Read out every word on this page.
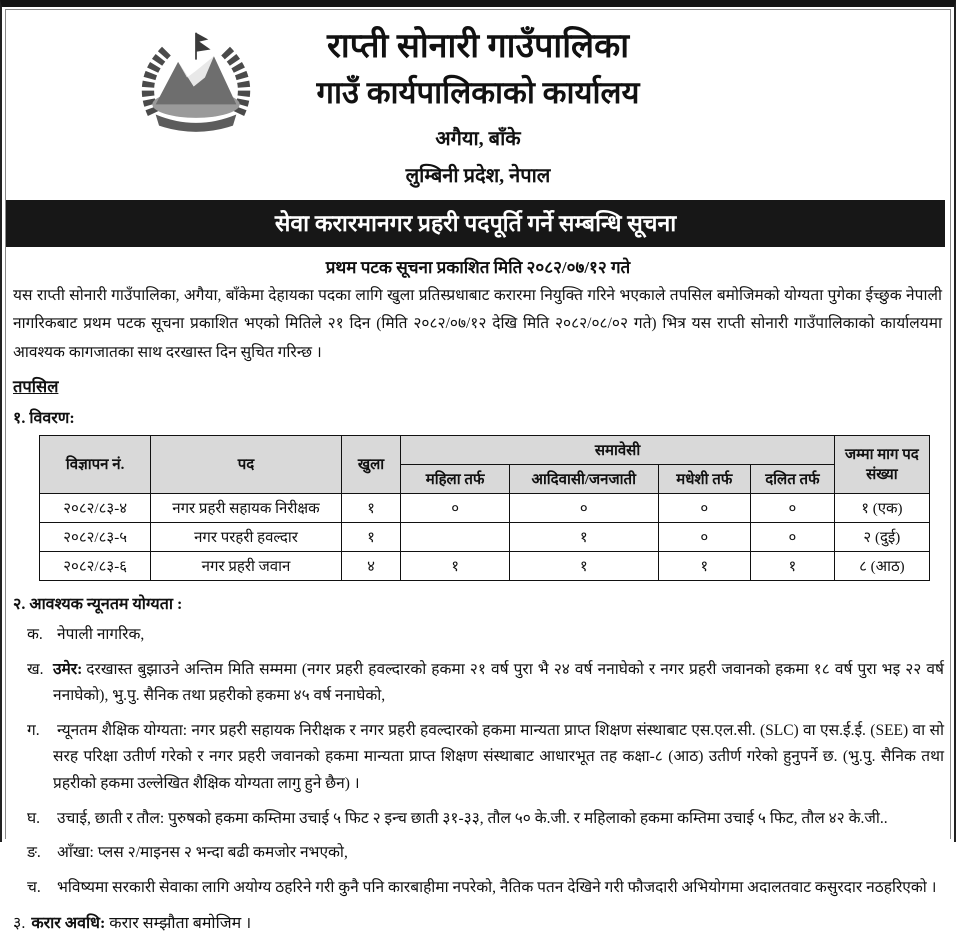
राप्ती सोनारी गाउँपालिका
गाउँ कार्यपालिकाको कार्यालय
अगैया, बाँके
लुम्बिनी प्रदेश, नेपाल
सेवा करारमानगर प्रहरी पदपूर्ति गर्ने सम्बन्धि सूचना
प्रथम पटक सूचना प्रकाशित मिति २०८२/०७/१२ गते

यस राप्ती सोनारी गाउँपालिका, अगैया, बाँकेमा देहायका पदका लागि खुला प्रतिस्प्रधाबाट करारमा नियुक्ति गरिने भएकाले तपसिल बमोजिमको योग्यता पुगेका ईच्छुक नेपाली नागरिकबाट प्रथम पटक सूचना प्रकाशित भएको मितिले २१ दिन (मिति २०८२/०७/१२ देखि मिति २०८२/०८/०२ गते) भित्र यस राप्ती सोनारी गाउँपालिकाको कार्यालयमा आवश्यक कागजातका साथ दरखास्त दिन सुचित गरिन्छ ।

तपसिल
१. विवरण:
विज्ञापन नं.	पद	खुला	समावेसी				जम्मा माग पद संख्या
			महिला तर्फ	आदिवासी/जनजाती	मधेशी तर्फ	दलित तर्फ	
२०८२/८३-४	नगर प्रहरी सहायक निरीक्षक	१	०	०	०	०	१ (एक)
२०८२/८३-५	नगर परहरी हवल्दार	१		१	०	०	२ (दुई)
२०८२/८३-६	नगर प्रहरी जवान	४	१	१	१	१	८ (आठ)
२. आवश्यक न्यूनतम योग्यता :
क. नेपाली नागरिक,
ख. उमेर: दरखास्त बुझाउने अन्तिम मिति सम्ममा (नगर प्रहरी हवल्दारको हकमा २१ वर्ष पुरा भै २४ वर्ष ननाघेको र नगर प्रहरी जवानको हकमा १८ वर्ष पुरा भइ २२ वर्ष ननाघेको), भु.पु. सैनिक तथा प्रहरीको हकमा ४५ वर्ष ननाघेको,
ग. न्यूनतम शैक्षिक योग्यता: नगर प्रहरी सहायक निरीक्षक र नगर प्रहरी हवल्दारको हकमा मान्यता प्राप्त शिक्षण संस्थाबाट एस.एल.सी. (SLC) वा एस.ई.ई. (SEE) वा सो सरह परिक्षा उतीर्ण गरेको र नगर प्रहरी जवानको हकमा मान्यता प्राप्त शिक्षण संस्थाबाट आधारभूत तह कक्षा-८ (आठ) उतीर्ण गरेको हुनुपर्ने छ. (भु.पु. सैनिक तथा प्रहरीको हकमा उल्लेखित शैक्षिक योग्यता लागु हुने छैन) ।
घ. उचाई, छाती र तौल: पुरुषको हकमा कम्तिमा उचाई ५ फिट २ इन्च छाती ३१-३३, तौल ५० के.जी. र महिलाको हकमा कम्तिमा उचाई ५ फिट, तौल ४२ के.जी..
ङ. आँखा: प्लस २/माइनस २ भन्दा बढी कमजोर नभएको,
च. भविष्यमा सरकारी सेवाका लागि अयोग्य ठहरिने गरी कुनै पनि कारबाहीमा नपरेको, नैतिक पतन देखिने गरी फौजदारी अभियोगमा अदालतवाट कसुरदार नठहरिएको ।
३. करार अवधि: करार सम्झौता बमोजिम ।
